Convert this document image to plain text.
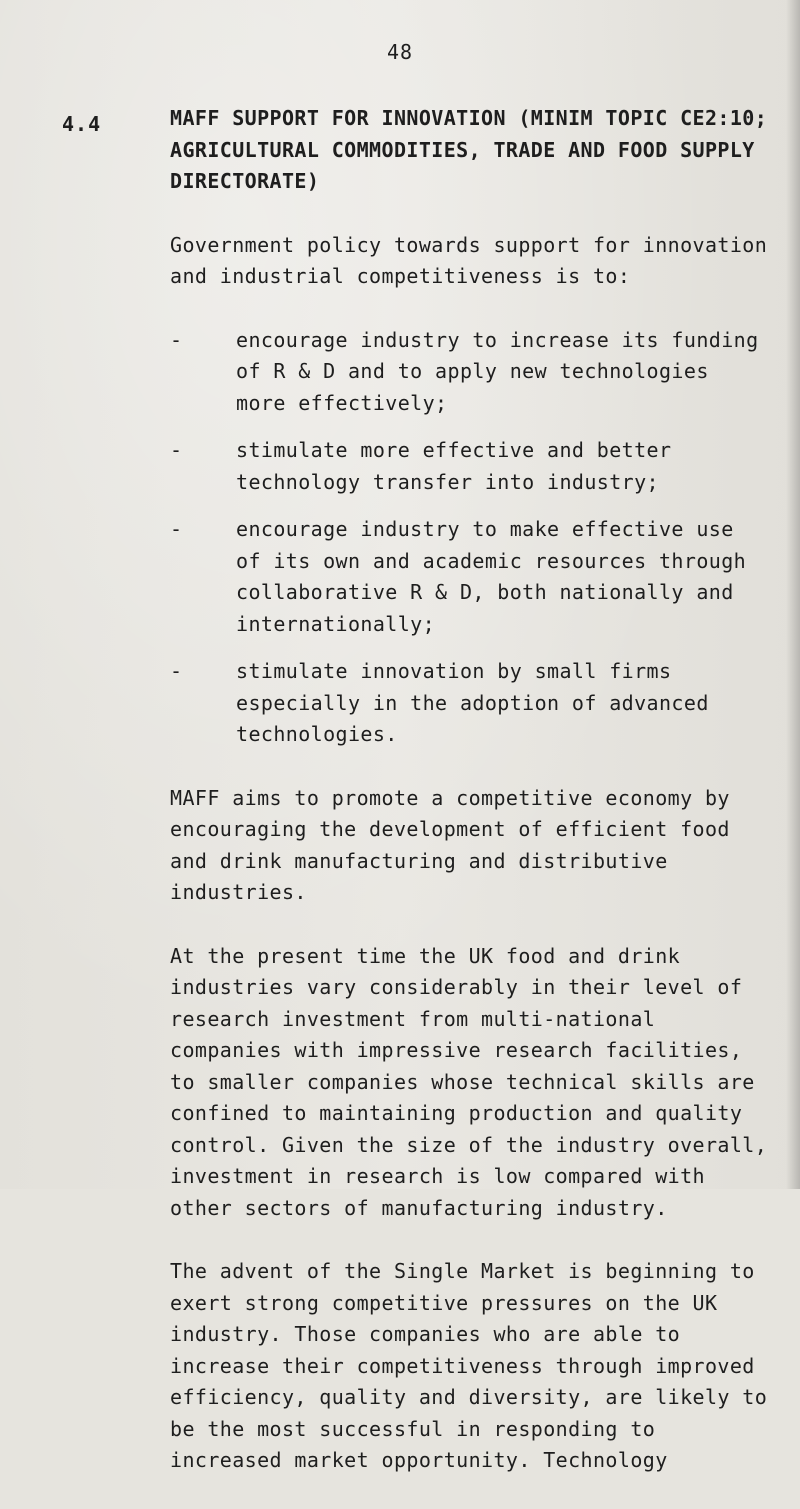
48
4.4	MAFF SUPPORT FOR INNOVATION (MINIM TOPIC CE2:10; AGRICULTURAL COMMODITIES, TRADE AND FOOD SUPPLY DIRECTORATE)

Government policy towards support for innovation and industrial competitiveness is to:

-	encourage industry to increase its funding of R & D and to apply new technologies more effectively;
-	stimulate more effective and better technology transfer into industry;
-	encourage industry to make effective use of its own and academic resources through collaborative R & D, both nationally and internationally;
-	stimulate innovation by small firms especially in the adoption of advanced technologies.

MAFF aims to promote a competitive economy by encouraging the development of efficient food and drink manufacturing and distributive industries.

At the present time the UK food and drink industries vary considerably in their level of research investment from multi-national companies with impressive research facilities, to smaller companies whose technical skills are confined to maintaining production and quality control. Given the size of the industry overall, investment in research is low compared with other sectors of manufacturing industry.

The advent of the Single Market is beginning to exert strong competitive pressures on the UK industry. Those companies who are able to increase their competitiveness through improved efficiency, quality and diversity, are likely to be the most successful in responding to increased market opportunity. Technology
